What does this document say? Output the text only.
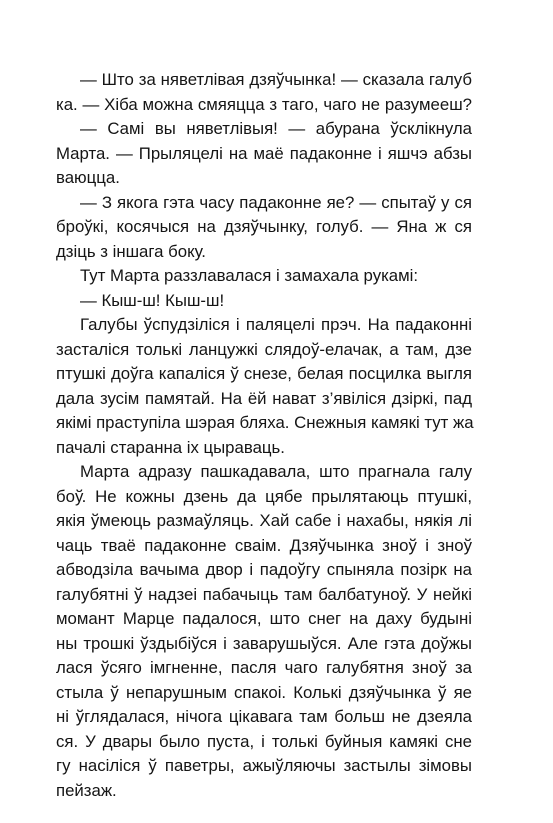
— Што за няветлівая дзяўчынка! — сказала галуб
ка. — Хіба можна смяяцца з таго, чаго не разумееш?
— Самі вы няветлівыя! — абурана ўсклікнула
Марта. — Прыляцелі на маё падаконне і яшчэ абзы
ваюцца.
— З якога гэта часу падаконне яе? — спытаў у ся
броўкі, косячыся на дзяўчынку, голуб. — Яна ж ся
дзіць з іншага боку.
Тут Марта раззлавалася і замахала рукамі:
— Кыш-ш! Кыш-ш!
Галубы ўспудзіліся і паляцелі прэч. На падаконні
засталіся толькі ланцужкі слядоў-елачак, а там, дзе
птушкі доўга капаліся ў снезе, белая посцилка выгля
дала зусім памятай. На ёй нават з’явіліся дзіркі, пад
якімі праступіла шэрая бляха. Снежныя камякі тут жа
пачалі старанна іх цыраваць.
Марта адразу пашкадавала, што прагнала галу
боў. Не кожны дзень да цябе прылятаюць птушкі,
якія ўмеюць размаўляць. Хай сабе і нахабы, някія лі
чаць тваё падаконне сваім. Дзяўчынка зноў і зноў
абводзіла вачыма двор і падоўгу спыняла позірк на
галубятні ў надзеі пабачыць там балбатуноў. У нейкі
момант Марце падалося, што снег на даху будыні
ны трошкі ўздыбіўся і заварушыўся. Але гэта доўжы
лася ўсяго імгненне, пасля чаго галубятня зноў за
стыла ў непарушным спакоі. Колькі дзяўчынка ў яе
ні ўглядалася, нічога цікавага там больш не дзеяла
ся. У двары было пуста, і толькі буйныя камякі сне
гу насіліся ў паветры, ажыўляючы застылы зімовы
пейзаж.
